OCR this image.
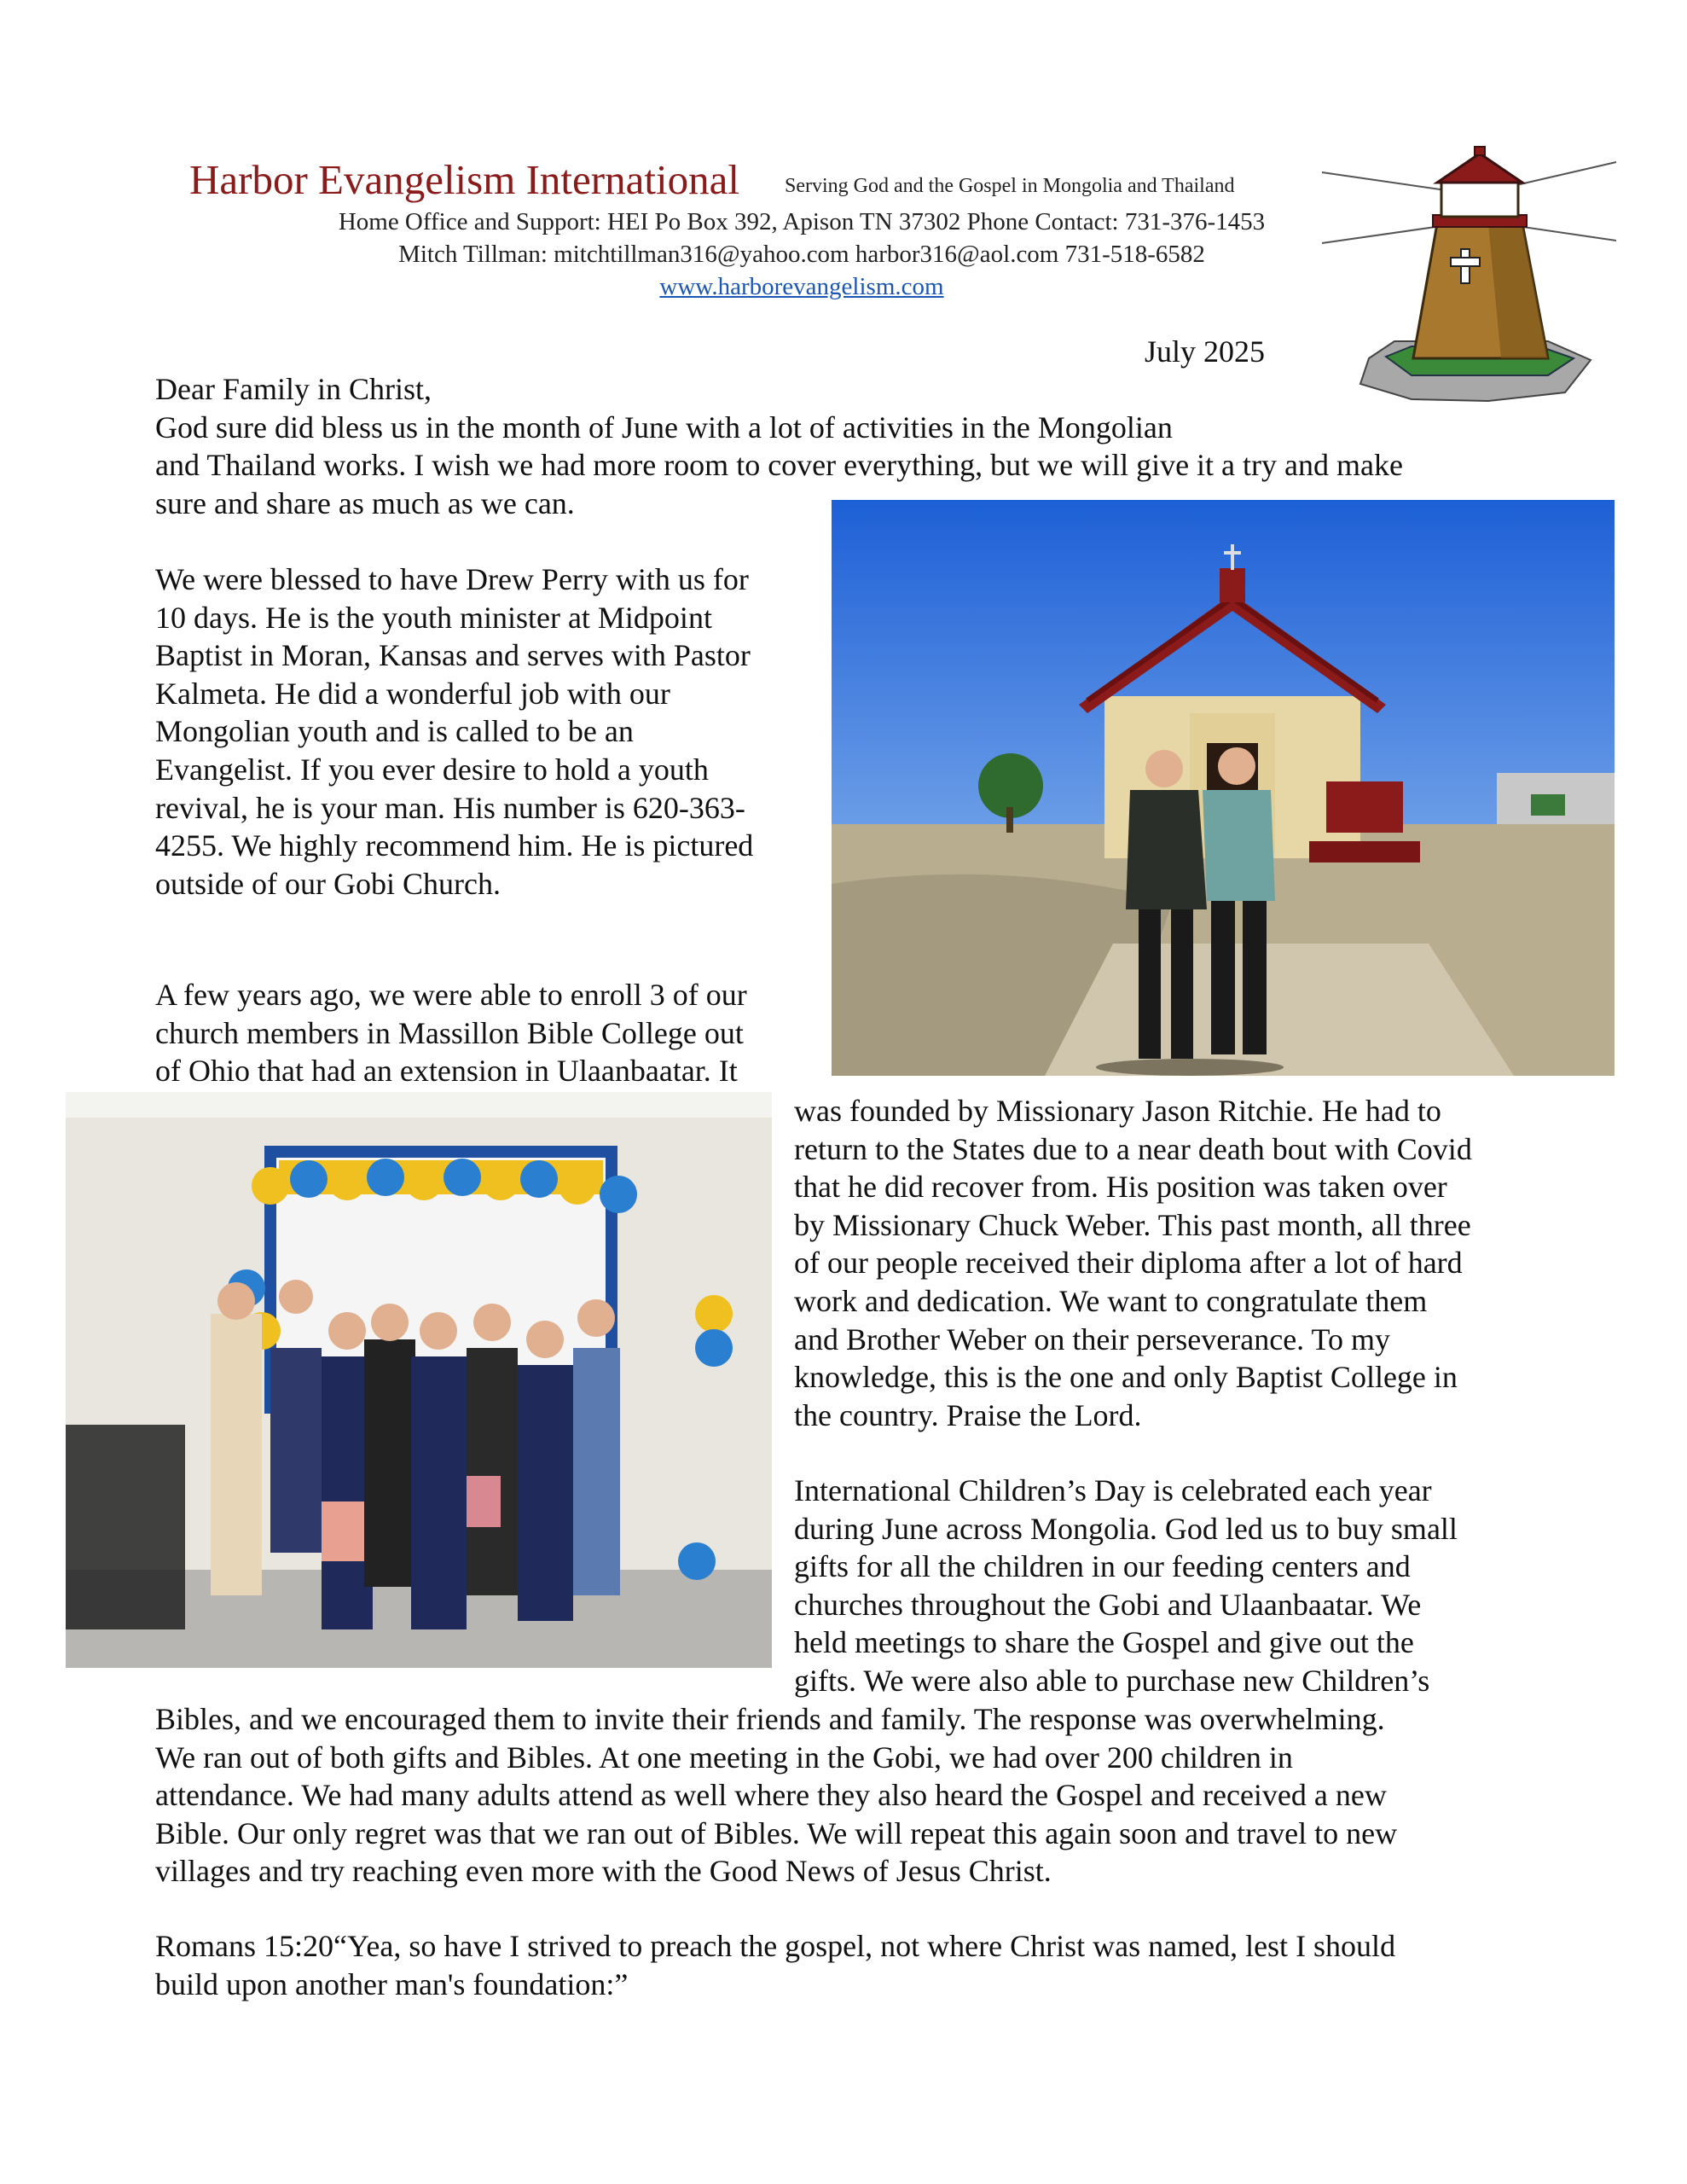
Harbor Evangelism International Serving God and the Gospel in Mongolia and Thailand
Home Office and Support: HEI Po Box 392, Apison TN 37302 Phone Contact: 731-376-1453
Mitch Tillman: mitchtillman316@yahoo.com harbor316@aol.com 731-518-6582
www.harborevangelism.com
July 2025
Dear Family in Christ,
God sure did bless us in the month of June with a lot of activities in the Mongolian
and Thailand works. I wish we had more room to cover everything, but we will give it a try and make
sure and share as much as we can.
We were blessed to have Drew Perry with us for
10 days. He is the youth minister at Midpoint
Baptist in Moran, Kansas and serves with Pastor
Kalmeta. He did a wonderful job with our
Mongolian youth and is called to be an
Evangelist. If you ever desire to hold a youth
revival, he is your man. His number is 620-363-
4255. We highly recommend him. He is pictured
outside of our Gobi Church.
A few years ago, we were able to enroll 3 of our
church members in Massillon Bible College out
of Ohio that had an extension in Ulaanbaatar. It
was founded by Missionary Jason Ritchie. He had to
return to the States due to a near death bout with Covid
that he did recover from. His position was taken over
by Missionary Chuck Weber. This past month, all three
of our people received their diploma after a lot of hard
work and dedication. We want to congratulate them
and Brother Weber on their perseverance. To my
knowledge, this is the one and only Baptist College in
the country. Praise the Lord.
International Children’s Day is celebrated each year
during June across Mongolia. God led us to buy small
gifts for all the children in our feeding centers and
churches throughout the Gobi and Ulaanbaatar. We
held meetings to share the Gospel and give out the
gifts. We were also able to purchase new Children’s
Bibles, and we encouraged them to invite their friends and family. The response was overwhelming.
We ran out of both gifts and Bibles. At one meeting in the Gobi, we had over 200 children in
attendance. We had many adults attend as well where they also heard the Gospel and received a new
Bible. Our only regret was that we ran out of Bibles. We will repeat this again soon and travel to new
villages and try reaching even more with the Good News of Jesus Christ.
Romans 15:20“Yea, so have I strived to preach the gospel, not where Christ was named, lest I should
build upon another man's foundation:”
